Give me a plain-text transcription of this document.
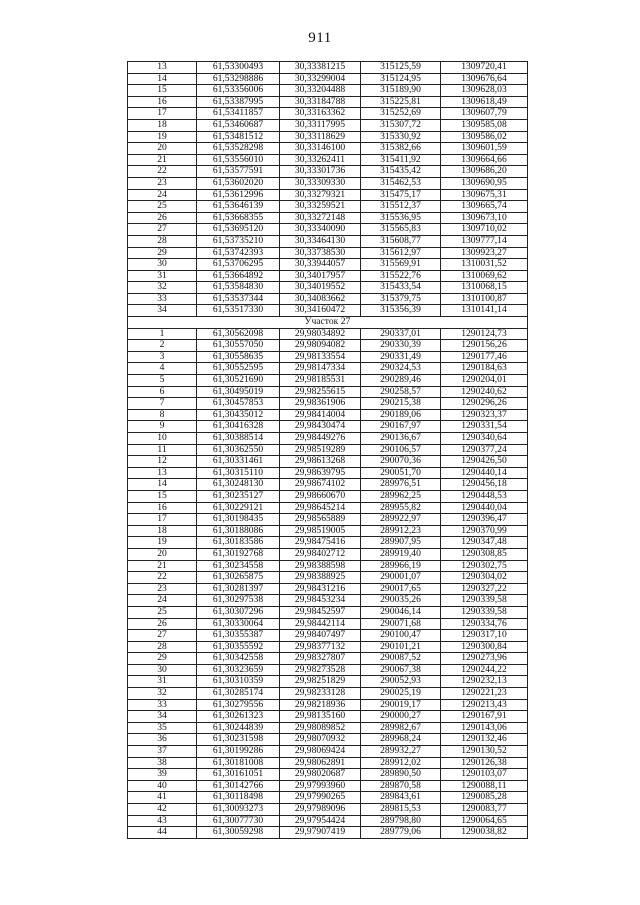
911
13	61,53300493	30,33381215	315125,59	1309720,41
14	61,53298886	30,33299004	315124,95	1309676,64
15	61,53356006	30,33204488	315189,90	1309628,03
16	61,53387995	30,33184788	315225,81	1309618,49
17	61,53411857	30,33163362	315252,69	1309607,79
18	61,53460687	30,33117995	315307,72	1309585,08
19	61,53481512	30,33118629	315330,92	1309586,02
20	61,53528298	30,33146100	315382,66	1309601,59
21	61,53556010	30,33262411	315411,92	1309664,66
22	61,53577591	30,33301736	315435,42	1309686,20
23	61,53602020	30,33309330	315462,53	1309690,95
24	61,53612996	30,33279321	315475,17	1309675,31
25	61,53646139	30,33259521	315512,37	1309665,74
26	61,53668355	30,33272148	315536,95	1309673,10
27	61,53695120	30,33340090	315565,83	1309710,02
28	61,53735210	30,33464130	315608,77	1309777,14
29	61,53742393	30,33738530	315612,97	1309923,27
30	61,53706295	30,33944057	315569,91	1310031,52
31	61,53664892	30,34017957	315522,76	1310069,62
32	61,53584830	30,34019552	315433,54	1310068,15
33	61,53537344	30,34083662	315379,75	1310100,87
34	61,53517330	30,34160472	315356,39	1310141,14
Участок 27				
1	61,30562098	29,98034892	290337,01	1290124,73
2	61,30557050	29,98094082	290330,39	1290156,26
3	61,30558635	29,98133554	290331,49	1290177,46
4	61,30552595	29,98147334	290324,53	1290184,63
5	61,30521690	29,98185531	290289,46	1290204,01
6	61,30495019	29,98255615	290258,57	1290240,62
7	61,30457853	29,98361906	290215,38	1290296,26
8	61,30435012	29,98414004	290189,06	1290323,37
9	61,30416328	29,98430474	290167,97	1290331,54
10	61,30388514	29,98449276	290136,67	1290340,64
11	61,30362550	29,98519289	290106,57	1290377,24
12	61,30331461	29,98613268	290070,36	1290426,50
13	61,30315110	29,98639795	290051,70	1290440,14
14	61,30248130	29,98674102	289976,51	1290456,18
15	61,30235127	29,98660670	289962,25	1290448,53
16	61,30229121	29,98645214	289955,82	1290440,04
17	61,30198435	29,98565889	289922,97	1290396,47
18	61,30188086	29,98519005	289912,23	1290370,99
19	61,30183586	29,98475416	289907,95	1290347,48
20	61,30192768	29,98402712	289919,40	1290308,85
21	61,30234558	29,98388598	289966,19	1290302,75
22	61,30265875	29,98388925	290001,07	1290304,02
23	61,30281397	29,98431216	290017,65	1290327,22
24	61,30297538	29,98453234	290035,26	1290339,58
25	61,30307296	29,98452597	290046,14	1290339,58
26	61,30330064	29,98442114	290071,68	1290334,76
27	61,30355387	29,98407497	290100,47	1290317,10
28	61,30355592	29,98377132	290101,21	1290300,84
29	61,30342558	29,98327807	290087,52	1290273,96
30	61,30323659	29,98273528	290067,38	1290244,22
31	61,30310359	29,98251829	290052,93	1290232,13
32	61,30285174	29,98233128	290025,19	1290221,23
33	61,30279556	29,98218936	290019,17	1290213,43
34	61,30261323	29,98135160	290000,27	1290167,91
35	61,30244839	29,98089852	289982,67	1290143,06
36	61,30231598	29,98070932	289968,24	1290132,46
37	61,30199286	29,98069424	289932,27	1290130,52
38	61,30181008	29,98062891	289912,02	1290126,38
39	61,30161051	29,98020687	289890,50	1290103,07
40	61,30142766	29,97993960	289870,58	1290088,11
41	61,30118498	29,97990265	289843,61	1290085,28
42	61,30093273	29,97989096	289815,53	1290083,77
43	61,30077730	29,97954424	289798,80	1290064,65
44	61,30059298	29,97907419	289779,06	1290038,82
